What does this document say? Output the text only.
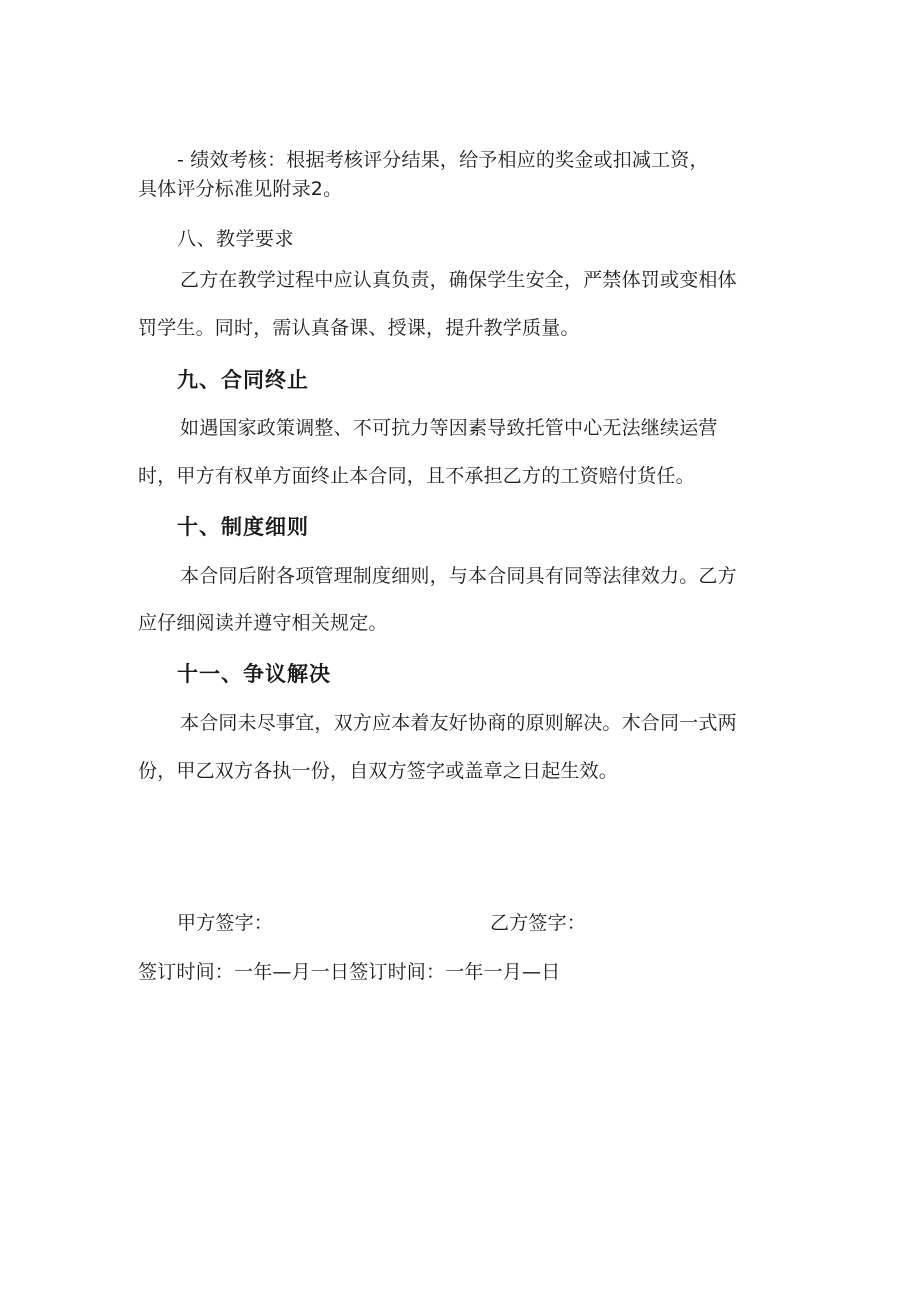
- 绩效考核：根据考核评分结果，给予相应的奖金或扣减工资，
具体评分标准见附录2。
八、教学要求
乙方在教学过程中应认真负责，确保学生安全，严禁体罚或变相体
罚学生。同时，需认真备课、授课，提升教学质量。
九、合同终止
如遇国家政策调整、不可抗力等因素导致托管中心无法继续运营
时，甲方有权单方面终止本合同，且不承担乙方的工资赔付货任。
十、制度细则
本合同后附各项管理制度细则，与本合同具有同等法律效力。乙方
应仔细阅读并遵守相关规定。
十一、争议解决
本合同未尽事宜，双方应本着友好协商的原则解决。木合同一式两
份，甲乙双方各执一份，自双方签字或盖章之日起生效。
甲方签字：	乙方签字：
签订时间：一年—月一日签订时间：一年一月—日
